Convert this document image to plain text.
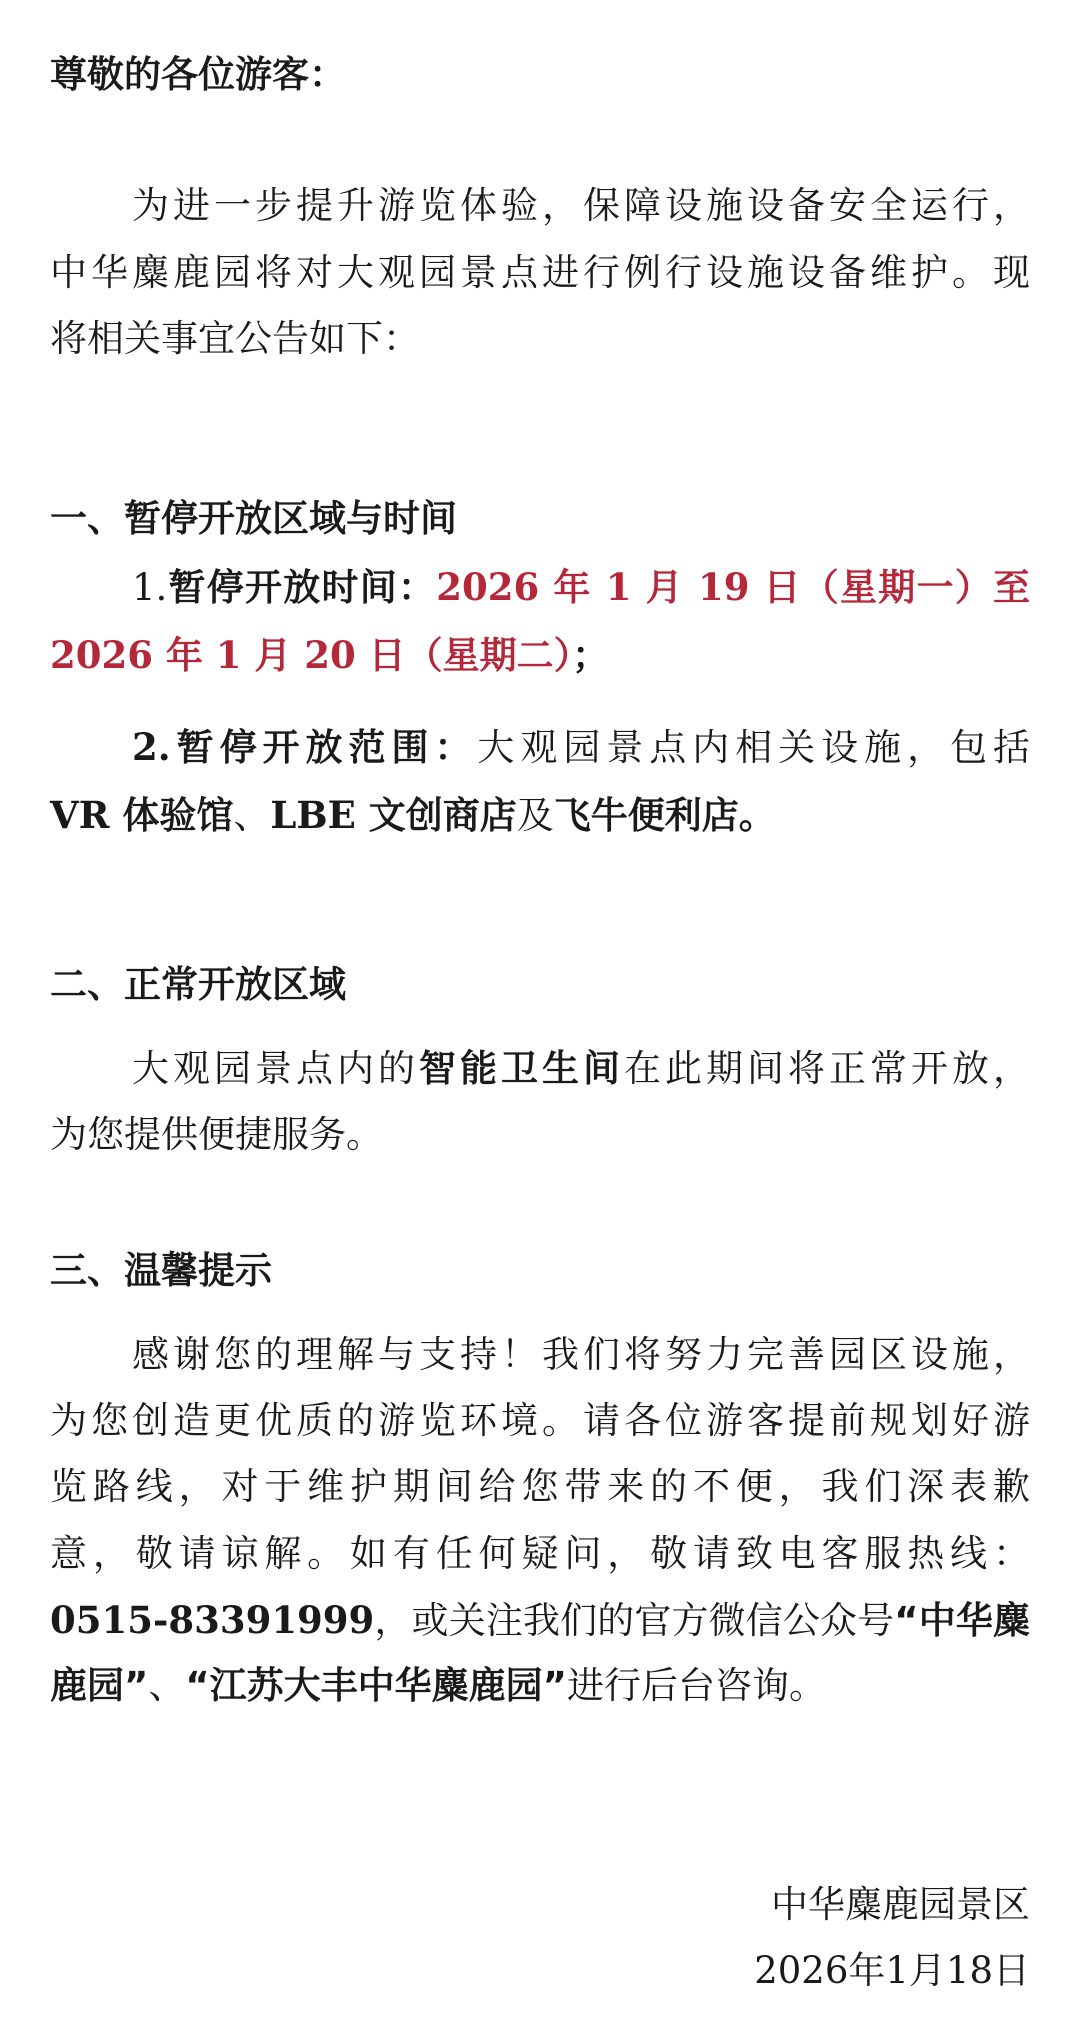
尊敬的各位游客：
为进一步提升游览体验，保障设施设备安全运行，
中华麋鹿园将对大观园景点进行例行设施设备维护。现
将相关事宜公告如下：
一、暂停开放区域与时间
1.暂停开放时间：2026 年 1 月 19 日（星期一）至
2026 年 1 月 20 日（星期二）；
2.暂停开放范围：大观园景点内相关设施，包括
VR 体验馆、LBE 文创商店及飞牛便利店。
二、正常开放区域
大观园景点内的智能卫生间在此期间将正常开放，
为您提供便捷服务。
三、温馨提示
感谢您的理解与支持！我们将努力完善园区设施，
为您创造更优质的游览环境。请各位游客提前规划好游
览路线，对于维护期间给您带来的不便，我们深表歉
意，敬请谅解。如有任何疑问，敬请致电客服热线：
0515-83391999，或关注我们的官方微信公众号“中华麋
鹿园”、“江苏大丰中华麋鹿园”进行后台咨询。
中华麋鹿园景区
2026年1月18日
